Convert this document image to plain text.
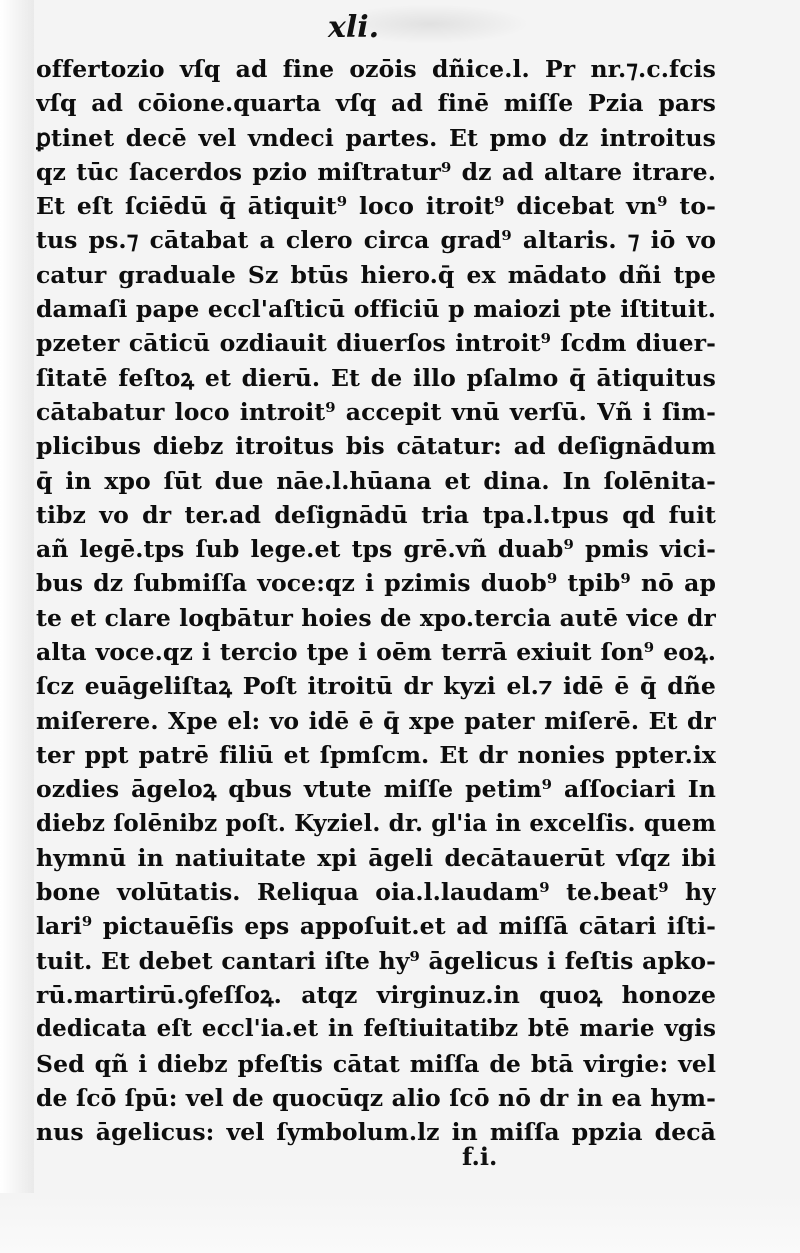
xli.
offertozio vſq ad fine ozōis dñice.l. Pr nr.⁊.c.fcis
vſq ad cōione.quarta vſq ad finē miſſe Pzia pars
ꝑtinet decē vel vndeci partes. Et pmo dz introitus
qz tūc ſacerdos pzio miſtratur⁹ dz ad altare itrare.
Et eſt ſciēdū q̄ ātiquit⁹ loco itroit⁹ dicebat vn⁹ to-
tus ps.⁊ cātabat a clero circa grad⁹ altaris. ⁊ iō vo
catur graduale Sz btūs hiero.q̄ ex mādato dñi tpe
damaſi pape eccl'aſticū officiū p maiozi pte iſtituit.
pzeter cāticū ozdiauit diuerſos introit⁹ ſcdm diuer-
ſitatē feſtoꝝ et dierū. Et de illo pſalmo q̄ ātiquitus
cātabatur loco introit⁹ accepit vnū verſū. Vñ i ſim-
plicibus diebz itroitus bis cātatur: ad deſignādum
q̄ in xpo ſūt due nāe.l.hūana et dina. In ſolēnita-
tibz vo dr ter.ad deſignādū tria tpa.l.tpus qd fuit
añ legē.tps ſub lege.et tps grē.vñ duab⁹ pmis vici-
bus dz ſubmiſſa voce:qz i pzimis duob⁹ tpib⁹ nō ap
te et clare loqbātur hoies de xpo.tercia autē vice dr
alta voce.qz i tercio tpe i oēm terrā exiuit ſon⁹ eoꝝ.
ſcz euāgeliſtaꝝ Poſt itroitū dr kyzi el.⁊ idē ē q̄ dñe
miſerere. Xpe el: vo idē ē q̄ xpe pater miſerē. Et dr
ter ppt patrē filiū et ſpmſcm. Et dr nonies ppter.ix
ozdies āgeloꝝ qbus vtute miſſe petim⁹ aſſociari In
diebz ſolēnibz poſt. Kyziel. dr. gl'ia in excelſis. quem
hymnū in natiuitate xpi āgeli decātauerūt vſqz ibi
bone volūtatis. Reliqua oia.l.laudam⁹ te.beat⁹ hy
lari⁹ pictauēſis eps appoſuit.et ad miſſā cātari iſti-
tuit. Et debet cantari iſte hy⁹ āgelicus i feſtis apko-
rū.martirū.ꝯfeſſoꝝ. atqz virginuz.in quoꝝ honoze
dedicata eſt eccl'ia.et in feſtiuitatibz btē marie vgis
Sed qñ i diebz pfeſtis cātat miſſa de btā virgie: vel
de ſcō ſpū: vel de quocūqz alio ſcō nō dr in ea hym-
nus āgelicus: vel ſymbolum.lz in miſſa ppzia decā
f.i.
